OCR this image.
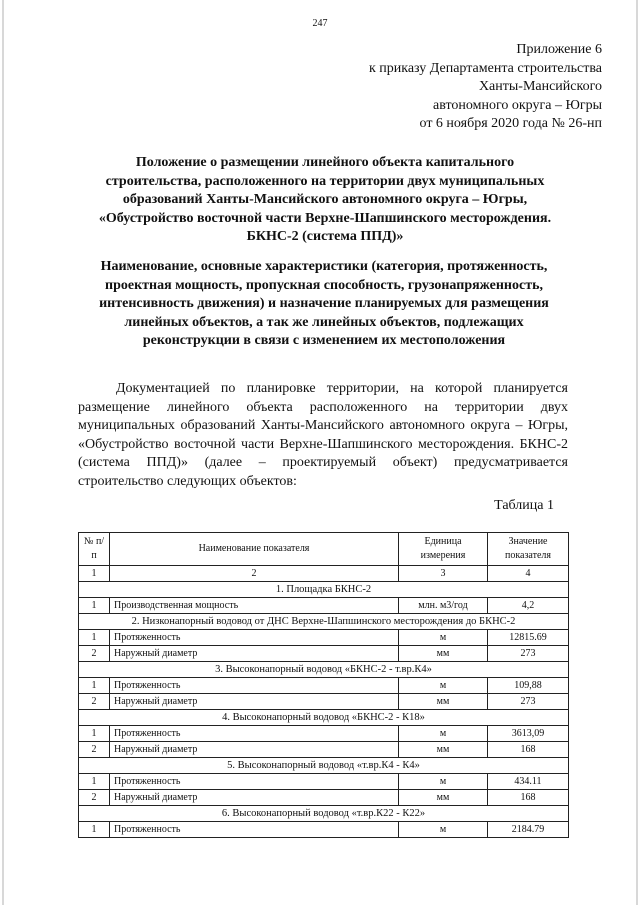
247
Приложение 6
к приказу Департамента строительства
Ханты-Мансийского
автономного округа – Югры
от 6 ноября 2020 года № 26-нп
Положение о размещении линейного объекта капитального строительства, расположенного на территории двух муниципальных образований Ханты-Мансийского автономного округа – Югры, «Обустройство восточной части Верхне-Шапшинского месторождения. БКНС-2 (система ППД)»
Наименование, основные характеристики (категория, протяженность, проектная мощность, пропускная способность, грузонапряженность, интенсивность движения) и назначение планируемых для размещения линейных объектов, а так же линейных объектов, подлежащих реконструкции в связи с изменением их местоположения
Документацией по планировке территории, на которой планируется размещение линейного объекта расположенного на территории двух муниципальных образований Ханты-Мансийского автономного округа – Югры, «Обустройство восточной части Верхне-Шапшинского месторождения. БКНС-2 (система ППД)» (далее – проектируемый объект) предусматривается строительство следующих объектов:
Таблица 1
№ п/п	Наименование показателя	Единица измерения	Значение показателя
1	2	3	4
1. Площадка БКНС-2			
1	Производственная мощность	млн. м3/год	4,2
2. Низконапорный водовод от ДНС Верхне-Шапшинского месторождения до БКНС-2			
1	Протяженность	м	12815.69
2	Наружный диаметр	мм	273
3. Высоконапорный водовод «БКНС-2 - т.вр.К4»			
1	Протяженность	м	109,88
2	Наружный диаметр	мм	273
4. Высоконапорный водовод «БКНС-2 - К18»			
1	Протяженность	м	3613,09
2	Наружный диаметр	мм	168
5. Высоконапорный водовод «т.вр.К4 - К4»			
1	Протяженность	м	434.11
2	Наружный диаметр	мм	168
6. Высоконапорный водовод «т.вр.К22 - К22»			
1	Протяженность	м	2184.79
